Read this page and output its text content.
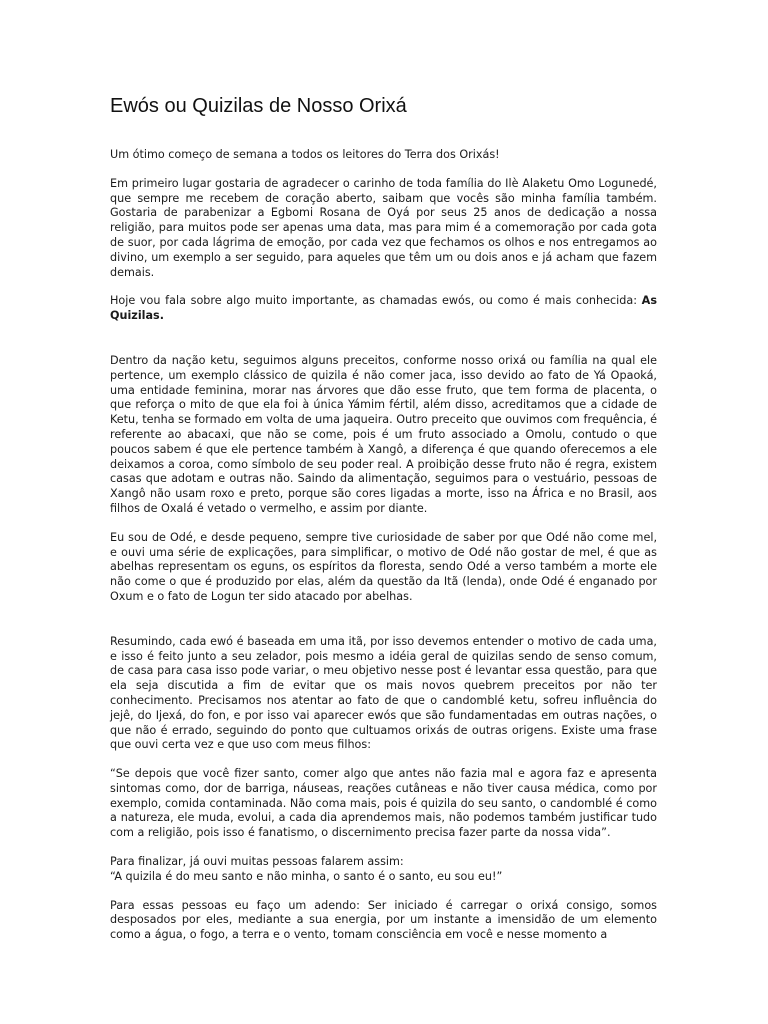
Ewós ou Quizilas de Nosso Orixá

Um ótimo começo de semana a todos os leitores do Terra dos Orixás!

Em primeiro lugar gostaria de agradecer o carinho de toda família do Ilè Alaketu Omo Logunedé, que sempre me recebem de coração aberto, saibam que vocês são minha família também. Gostaria de parabenizar a Egbomi Rosana de Oyá por seus 25 anos de dedicação a nossa religião, para muitos pode ser apenas uma data, mas para mim é a comemoração por cada gota de suor, por cada lágrima de emoção, por cada vez que fechamos os olhos e nos entregamos ao divino, um exemplo a ser seguido, para aqueles que têm um ou dois anos e já acham que fazem demais.

Hoje vou fala sobre algo muito importante, as chamadas ewós, ou como é mais conhecida: As Quizilas.

Dentro da nação ketu, seguimos alguns preceitos, conforme nosso orixá ou família na qual ele pertence, um exemplo clássico de quizila é não comer jaca, isso devido ao fato de Yá Opaoká, uma entidade feminina, morar nas árvores que dão esse fruto, que tem forma de placenta, o que reforça o mito de que ela foi à única Yámim fértil, além disso, acreditamos que a cidade de Ketu, tenha se formado em volta de uma jaqueira. Outro preceito que ouvimos com frequência, é referente ao abacaxi, que não se come, pois é um fruto associado a Omolu, contudo o que poucos sabem é que ele pertence também à Xangô, a diferença é que quando oferecemos a ele deixamos a coroa, como símbolo de seu poder real. A proibição desse fruto não é regra, existem casas que adotam e outras não. Saindo da alimentação, seguimos para o vestuário, pessoas de Xangô não usam roxo e preto, porque são cores ligadas a morte, isso na África e no Brasil, aos filhos de Oxalá é vetado o vermelho, e assim por diante.

Eu sou de Odé, e desde pequeno, sempre tive curiosidade de saber por que Odé não come mel, e ouvi uma série de explicações, para simplificar, o motivo de Odé não gostar de mel, é que as abelhas representam os eguns, os espíritos da floresta, sendo Odé a verso também a morte ele não come o que é produzido por elas, além da questão da Itã (lenda), onde Odé é enganado por Oxum e o fato de Logun ter sido atacado por abelhas.

Resumindo, cada ewó é baseada em uma itã, por isso devemos entender o motivo de cada uma, e isso é feito junto a seu zelador, pois mesmo a idéia geral de quizilas sendo de senso comum, de casa para casa isso pode variar, o meu objetivo nesse post é levantar essa questão, para que ela seja discutida a fim de evitar que os mais novos quebrem preceitos por não ter conhecimento. Precisamos nos atentar ao fato de que o candomblé ketu, sofreu influência do jejê, do Ijexá, do fon, e por isso vai aparecer ewós que são fundamentadas em outras nações, o que não é errado, seguindo do ponto que cultuamos orixás de outras origens. Existe uma frase que ouvi certa vez e que uso com meus filhos:

“Se depois que você fizer santo, comer algo que antes não fazia mal e agora faz e apresenta sintomas como, dor de barriga, náuseas, reações cutâneas e não tiver causa médica, como por exemplo, comida contaminada. Não coma mais, pois é quizila do seu santo, o candomblé é como a natureza, ele muda, evolui, a cada dia aprendemos mais, não podemos também justificar tudo com a religião, pois isso é fanatismo, o discernimento precisa fazer parte da nossa vida”.

Para finalizar, já ouvi muitas pessoas falarem assim:
“A quizila é do meu santo e não minha, o santo é o santo, eu sou eu!”

Para essas pessoas eu faço um adendo: Ser iniciado é carregar o orixá consigo, somos desposados por eles, mediante a sua energia, por um instante a imensidão de um elemento como a água, o fogo, a terra e o vento, tomam consciência em você e nesse momento a
